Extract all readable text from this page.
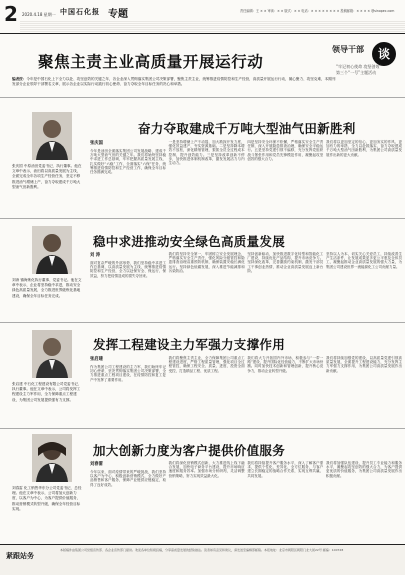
2 2020.4.18 星期一 中国石化报 专题	责任编辑：王 × × 审读：× × 版式：× × 电话：× × × × × × × × 投稿邮箱：× × × × @sinopec.com
聚焦主责主业高质量开展运行动
领导干部	谈
“牢记初心使命 攻坚创效”
第三个“一号”主题活动
编者按：今年是中国石化上下全力以赴、攻坚创效的关键之年，各企业深入贯彻落实集团公司决策部署，聚焦主责主业，统筹推进疫情防控和生产经营，高质量开展运行行动，凝心聚力、攻坚克难，本期刊发部分企业领导干部署名文章，展示各企业以实际行动践行初心使命、奋力夺取全年目标任务的决心和举措。
张庆国 中原油田党委书记、执行董事。他在文章中表示，油田将以高质量发展为主线，全面完成全年各项生产经营任务，坚定不移推进油气增储上产，奋力夺取建成千万吨大型油气田新胜利。
奋力夺取建成千万吨大型油气田新胜利
张庆国
今年是油田全面落实集团公司发展战略、建成千万吨大型油气田的关键之年。我们将始终坚持稳中求进工作总基调，牢牢把握高质量发展主线，扎实做好“六稳”工作，全面落实“六保”任务，统筹推进疫情防控和生产经营工作，确保全年目标任务圆满完成。
一是坚持增储上产不动摇，加大勘探开发力度，强化效益建产，夯实资源基础。二是坚持降本增效不放松，深化精细管理，狠抓全员全过程成本控制，提升创效能力。三是坚持改革创新不停步，加快推进体制机制改革，激发发展活力与内生动力。
四是坚持安全环保不松懈，严格落实安全生产责任制，深入开展隐患排查治理，确保安全平稳运行。五是坚持党建引领不偏移，充分发挥党组织战斗堡垒作用和党员先锋模范作用，凝聚起攻坚创效的强大合力。
我们将以更加坚定的信心、更加务实的作风、更加有力的举措，全力以赴抓落实，奋力夺取建成千万吨大型油气田新胜利，为集团公司高质量发展作出新的更大贡献。
刘涛 镇海炼化执行董事、党委书记。他在文章中表示，企业将坚持稳中求进，推动安全绿色高质量发展，全力推进世界级炼化基地建设，确保全年目标任务完成。
稳中求进推动安全绿色高质量发展
刘 涛
面对复杂严峻的外部形势，我们坚持稳中求进工作总基调，以高质量发展为主线，统筹推进疫情防控和生产经营，全力以赴保安全、保运行、保效益，努力把疫情造成的损失夺回来。
我们将坚持安全第一，牢固树立安全发展理念，严格落实安全生产责任，强化风险分级管控和隐患排查治理双重预防机制，确保装置安稳长满优运行。坚持绿色低碳发展，深入推进节能减排和污染防治。
坚持创新驱动，加快推进数字化转型和智能化工厂建设，持续优化产品结构，提升市场竞争力。坚持深化改革，完善激励约束机制，激发干部员工干事创业热情，推动企业高质量发展迈上新台阶。
坚持以人为本，切实关心关爱员工，持续改善生产生活条件，让发展成果更多更公平惠及全体员工，凝聚起推动企业高质量发展的强大力量，为集团公司建设世界一流能源化工公司贡献力量。
张启建 中石化工程建设有限公司党委书记、执行董事。他在文章中表示，公司将发挥工程建设主力军作用，全力保障重点工程建设，为集团公司发展提供强有力支撑。
发挥工程建设主力军强力支撑作用
张启建
作为集团公司工程建设的主力军，我们始终牢记初心使命，坚决贯彻落实集团公司决策部署，全力推进重点工程项目建设，在疫情防控和复工复产中发挥了重要作用。
我们将聚焦主责主业，全力保障集团公司重点工程建设进度，严格工程质量管理，强化项目全过程管控，确保工程安全、质量、进度、投资全面受控，打造精品工程、优质工程。
我们将大力开拓国内外市场，积极参与“一带一路”建设，提升国际化经营能力，不断扩大市场份额。同时加快技术创新和管理创新，提升核心竞争力，推动企业转型升级。
我们将持续加强党的建设，以高质量党建引领高质量发展，全面提升工程建设能力，充分发挥主力军强力支撑作用，为集团公司高质量发展作出新贡献。
刘春雷 化工销售华东分公司党委书记、总经理。他在文章中表示，公司将加大创新力度，以客户为中心，为客户提供价值服务，推动营销模式转型升级，确保全年经营目标实现。
加大创新力度为客户提供价值服务
刘春雷
今年以来，面对疫情带来的严峻挑战，我们坚持以客户为中心，积极创新营销模式，全力做好产品销售和客户服务，保障产业链供应链稳定，取得了良好成效。
我们将深化营销模式创新，大力推进线上线下融合发展，加快电子商务平台建设，提升市场响应速度和服务效率。加强市场分析研判，灵活调整营销策略，努力实现效益最大化。
我们将持续提升客户服务水平，深入了解客户需求，提供个性化、差异化、全方位服务，与客户建立长期稳定的战略合作关系，实现互利共赢、共同发展。
我们将加强队伍建设，提升员工专业能力和服务水平，凝聚起攻坚创效的强大合力，为客户提供更优质的价值服务，为集团公司高质量发展作出积极贡献。
紧跟站务
本版稿件由集团公司党组宣传部、各企业宣传部门提供。欢迎各单位积极投稿，分享高质量发展的经验做法。读者如有意见和建议，请发送至编辑部邮箱。本报地址：北京市朝阳区朝阳门北大街22号 邮编：100728
